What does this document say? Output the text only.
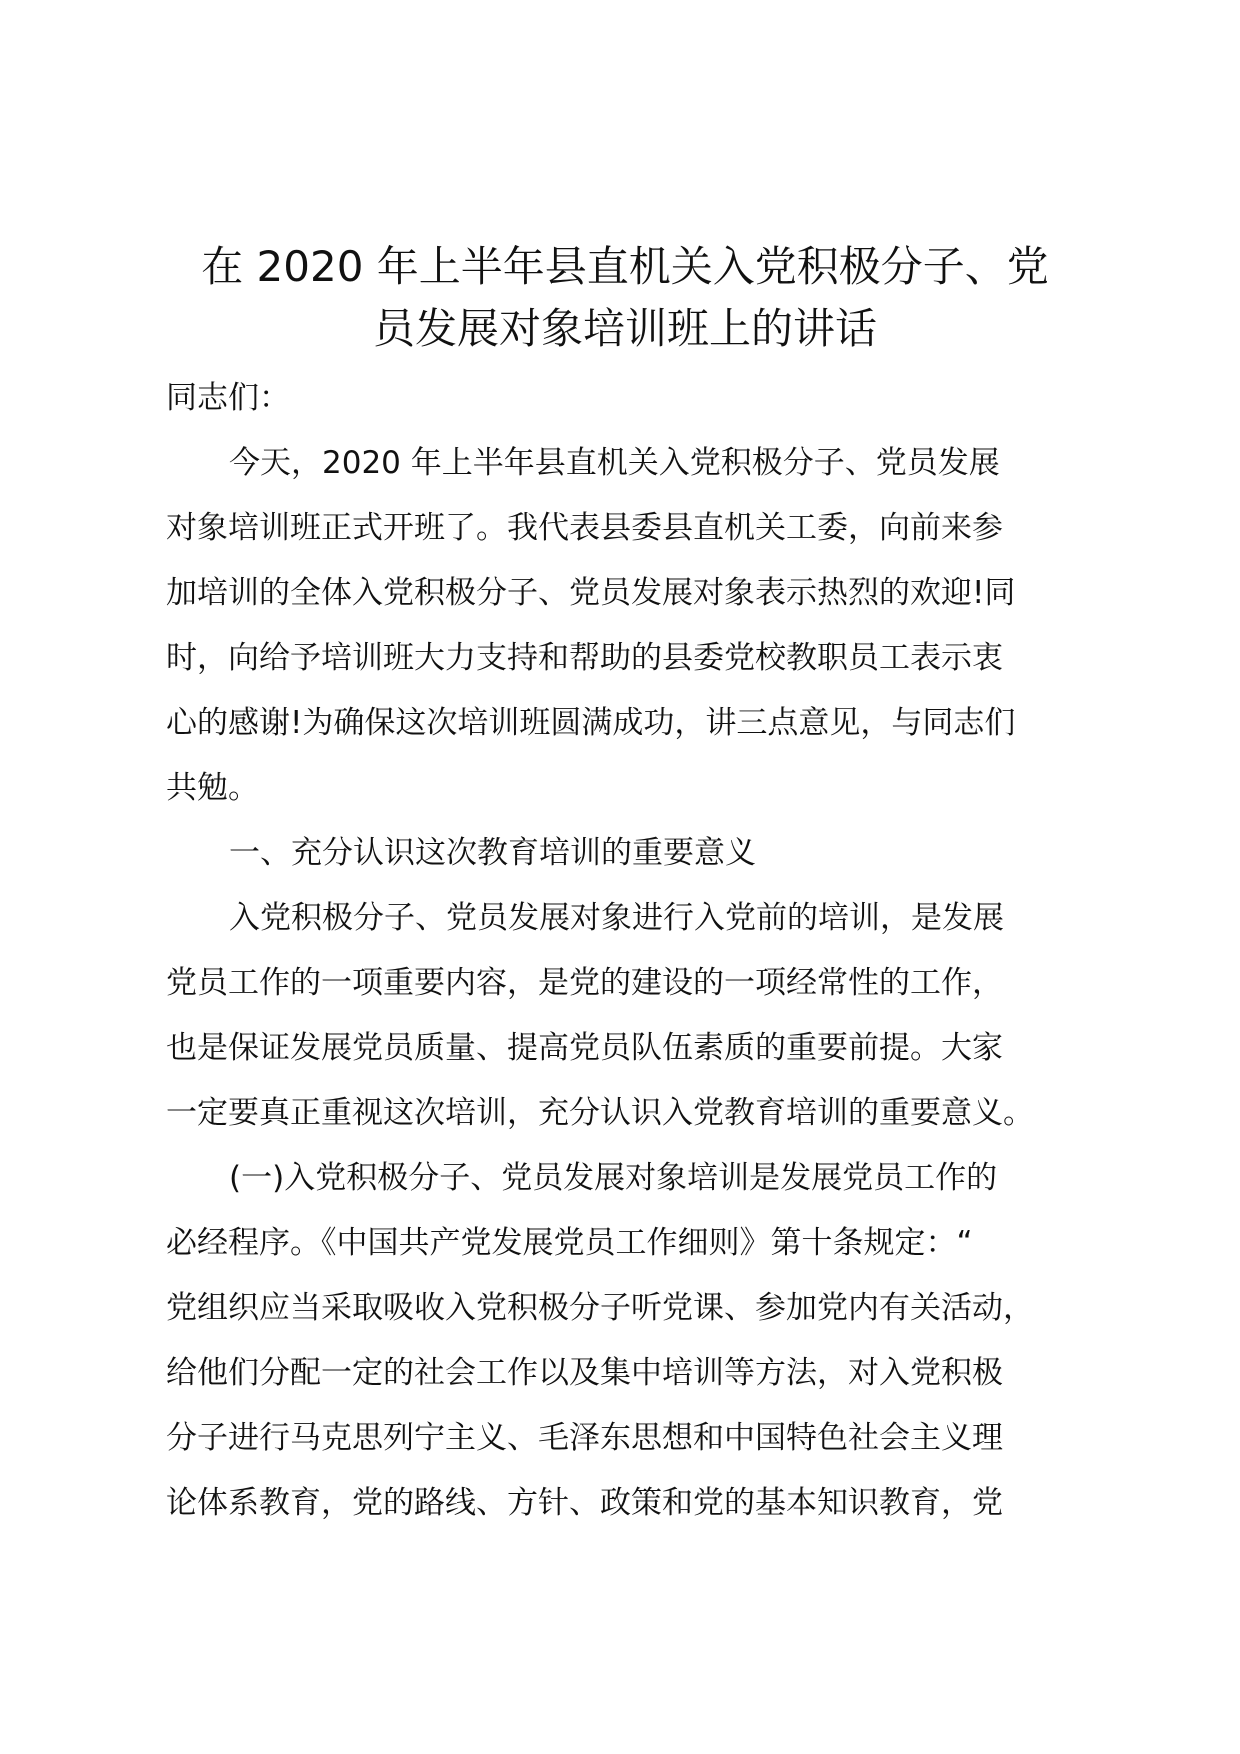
在 2020 年上半年县直机关入党积极分子、党
员发展对象培训班上的讲话

同志们：

今天，2020 年上半年县直机关入党积极分子、党员发展

对象培训班正式开班了。我代表县委县直机关工委，向前来参

加培训的全体入党积极分子、党员发展对象表示热烈的欢迎!同

时，向给予培训班大力支持和帮助的县委党校教职员工表示衷

心的感谢!为确保这次培训班圆满成功，讲三点意见，与同志们

共勉。

一、充分认识这次教育培训的重要意义

入党积极分子、党员发展对象进行入党前的培训，是发展

党员工作的一项重要内容，是党的建设的一项经常性的工作，

也是保证发展党员质量、提高党员队伍素质的重要前提。大家

一定要真正重视这次培训，充分认识入党教育培训的重要意义。

(一)入党积极分子、党员发展对象培训是发展党员工作的

必经程序。《中国共产党发展党员工作细则》第十条规定：“

党组织应当采取吸收入党积极分子听党课、参加党内有关活动，

给他们分配一定的社会工作以及集中培训等方法，对入党积极

分子进行马克思列宁主义、毛泽东思想和中国特色社会主义理

论体系教育，党的路线、方针、政策和党的基本知识教育，党
